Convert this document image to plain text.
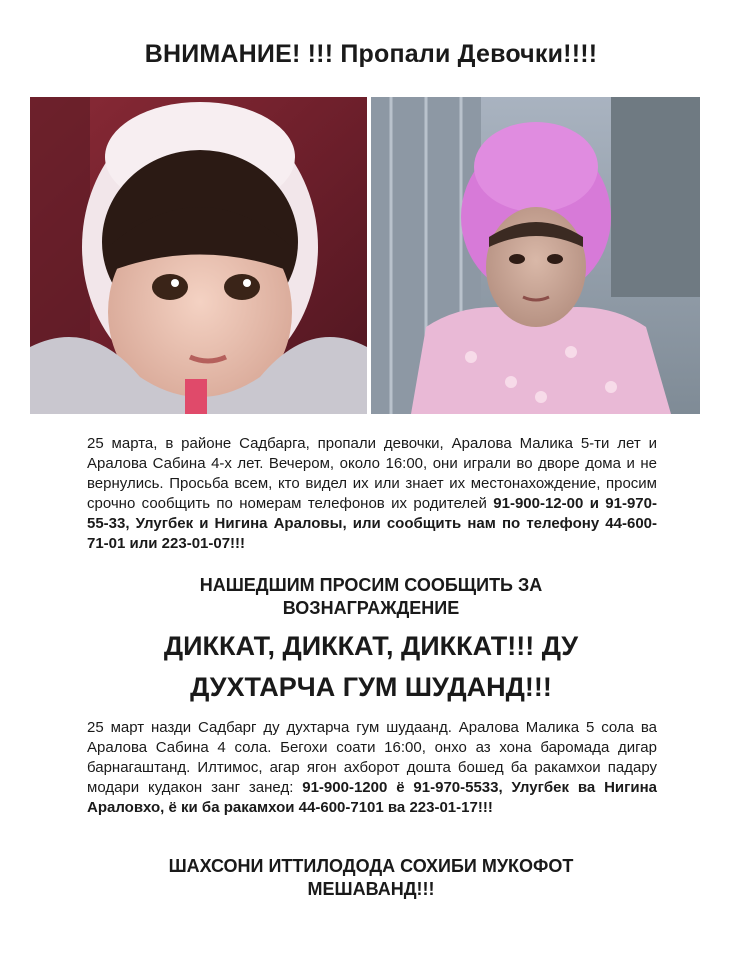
ВНИМАНИЕ! !!! Пропали Девочки!!!!
25 марта, в районе Садбарга, пропали девочки, Аралова Малика 5-ти лет и Аралова Сабина 4-х лет. Вечером, около 16:00, они играли во дворе дома и не вернулись. Просьба всем, кто видел их или знает их местонахождение, просим срочно сообщить по номерам телефонов их родителей 91-900-12-00 и 91-970-55-33, Улугбек и Нигина Араловы, или сообщить нам по телефону 44-600-71-01 или 223-01-07!!!
НАШЕДШИМ ПРОСИМ СООБЩИТЬ ЗА
ВОЗНАГРАЖДЕНИЕ
ДИККАТ, ДИККАТ, ДИККАТ!!! ДУ
ДУХТАРЧА ГУМ ШУДАНД!!!
25 март назди Садбарг ду духтарча гум шудаанд. Аралова Малика 5 сола ва Аралова Сабина 4 сола. Бегохи соати 16:00, онхо аз хона баромада дигар барнагаштанд. Илтимос, агар ягон ахборот дошта бошед ба ракамхои падару модари кудакон занг занед: 91-900-1200 ё 91-970-5533, Улугбек ва Нигина Араловхо, ё ки ба ракамхои 44-600-7101 ва 223-01-17!!!
ШАХСОНИ ИТТИЛОДОДА СОХИБИ МУКОФОТ
МЕШАВАНД!!!
